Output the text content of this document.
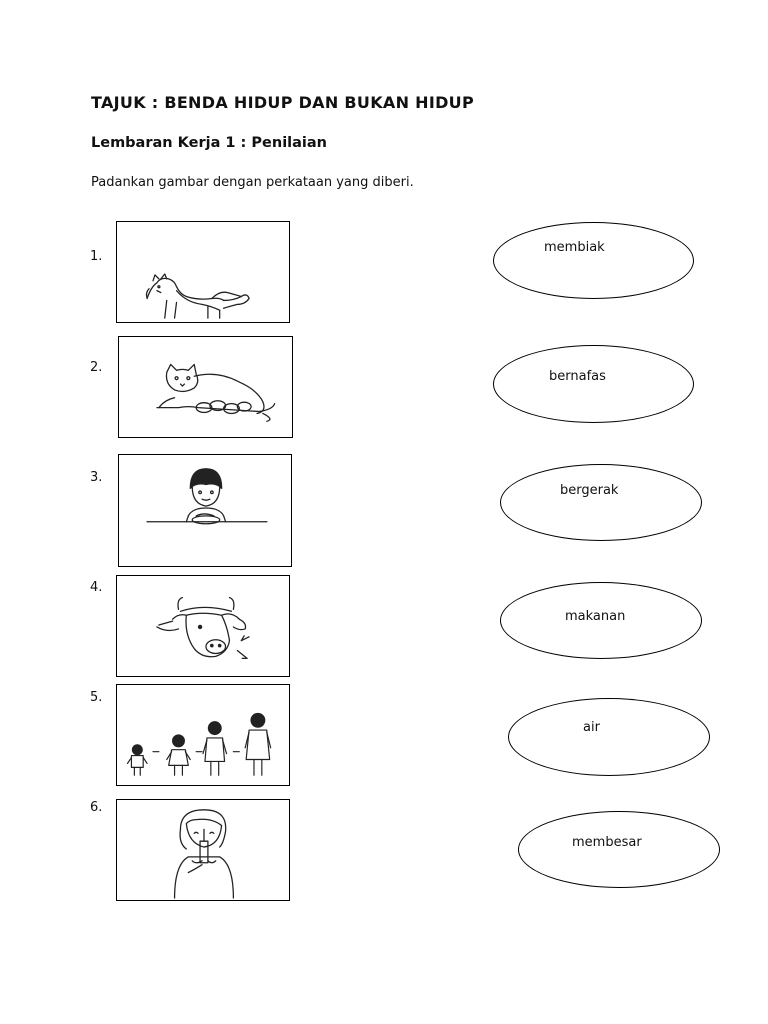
TAJUK : BENDA HIDUP DAN BUKAN HIDUP
Lembaran Kerja 1 : Penilaian
Padankan gambar dengan perkataan yang diberi.
1.
2.
3.
4.
5.
6.
membiak
bernafas
bergerak
makanan
air
membesar
